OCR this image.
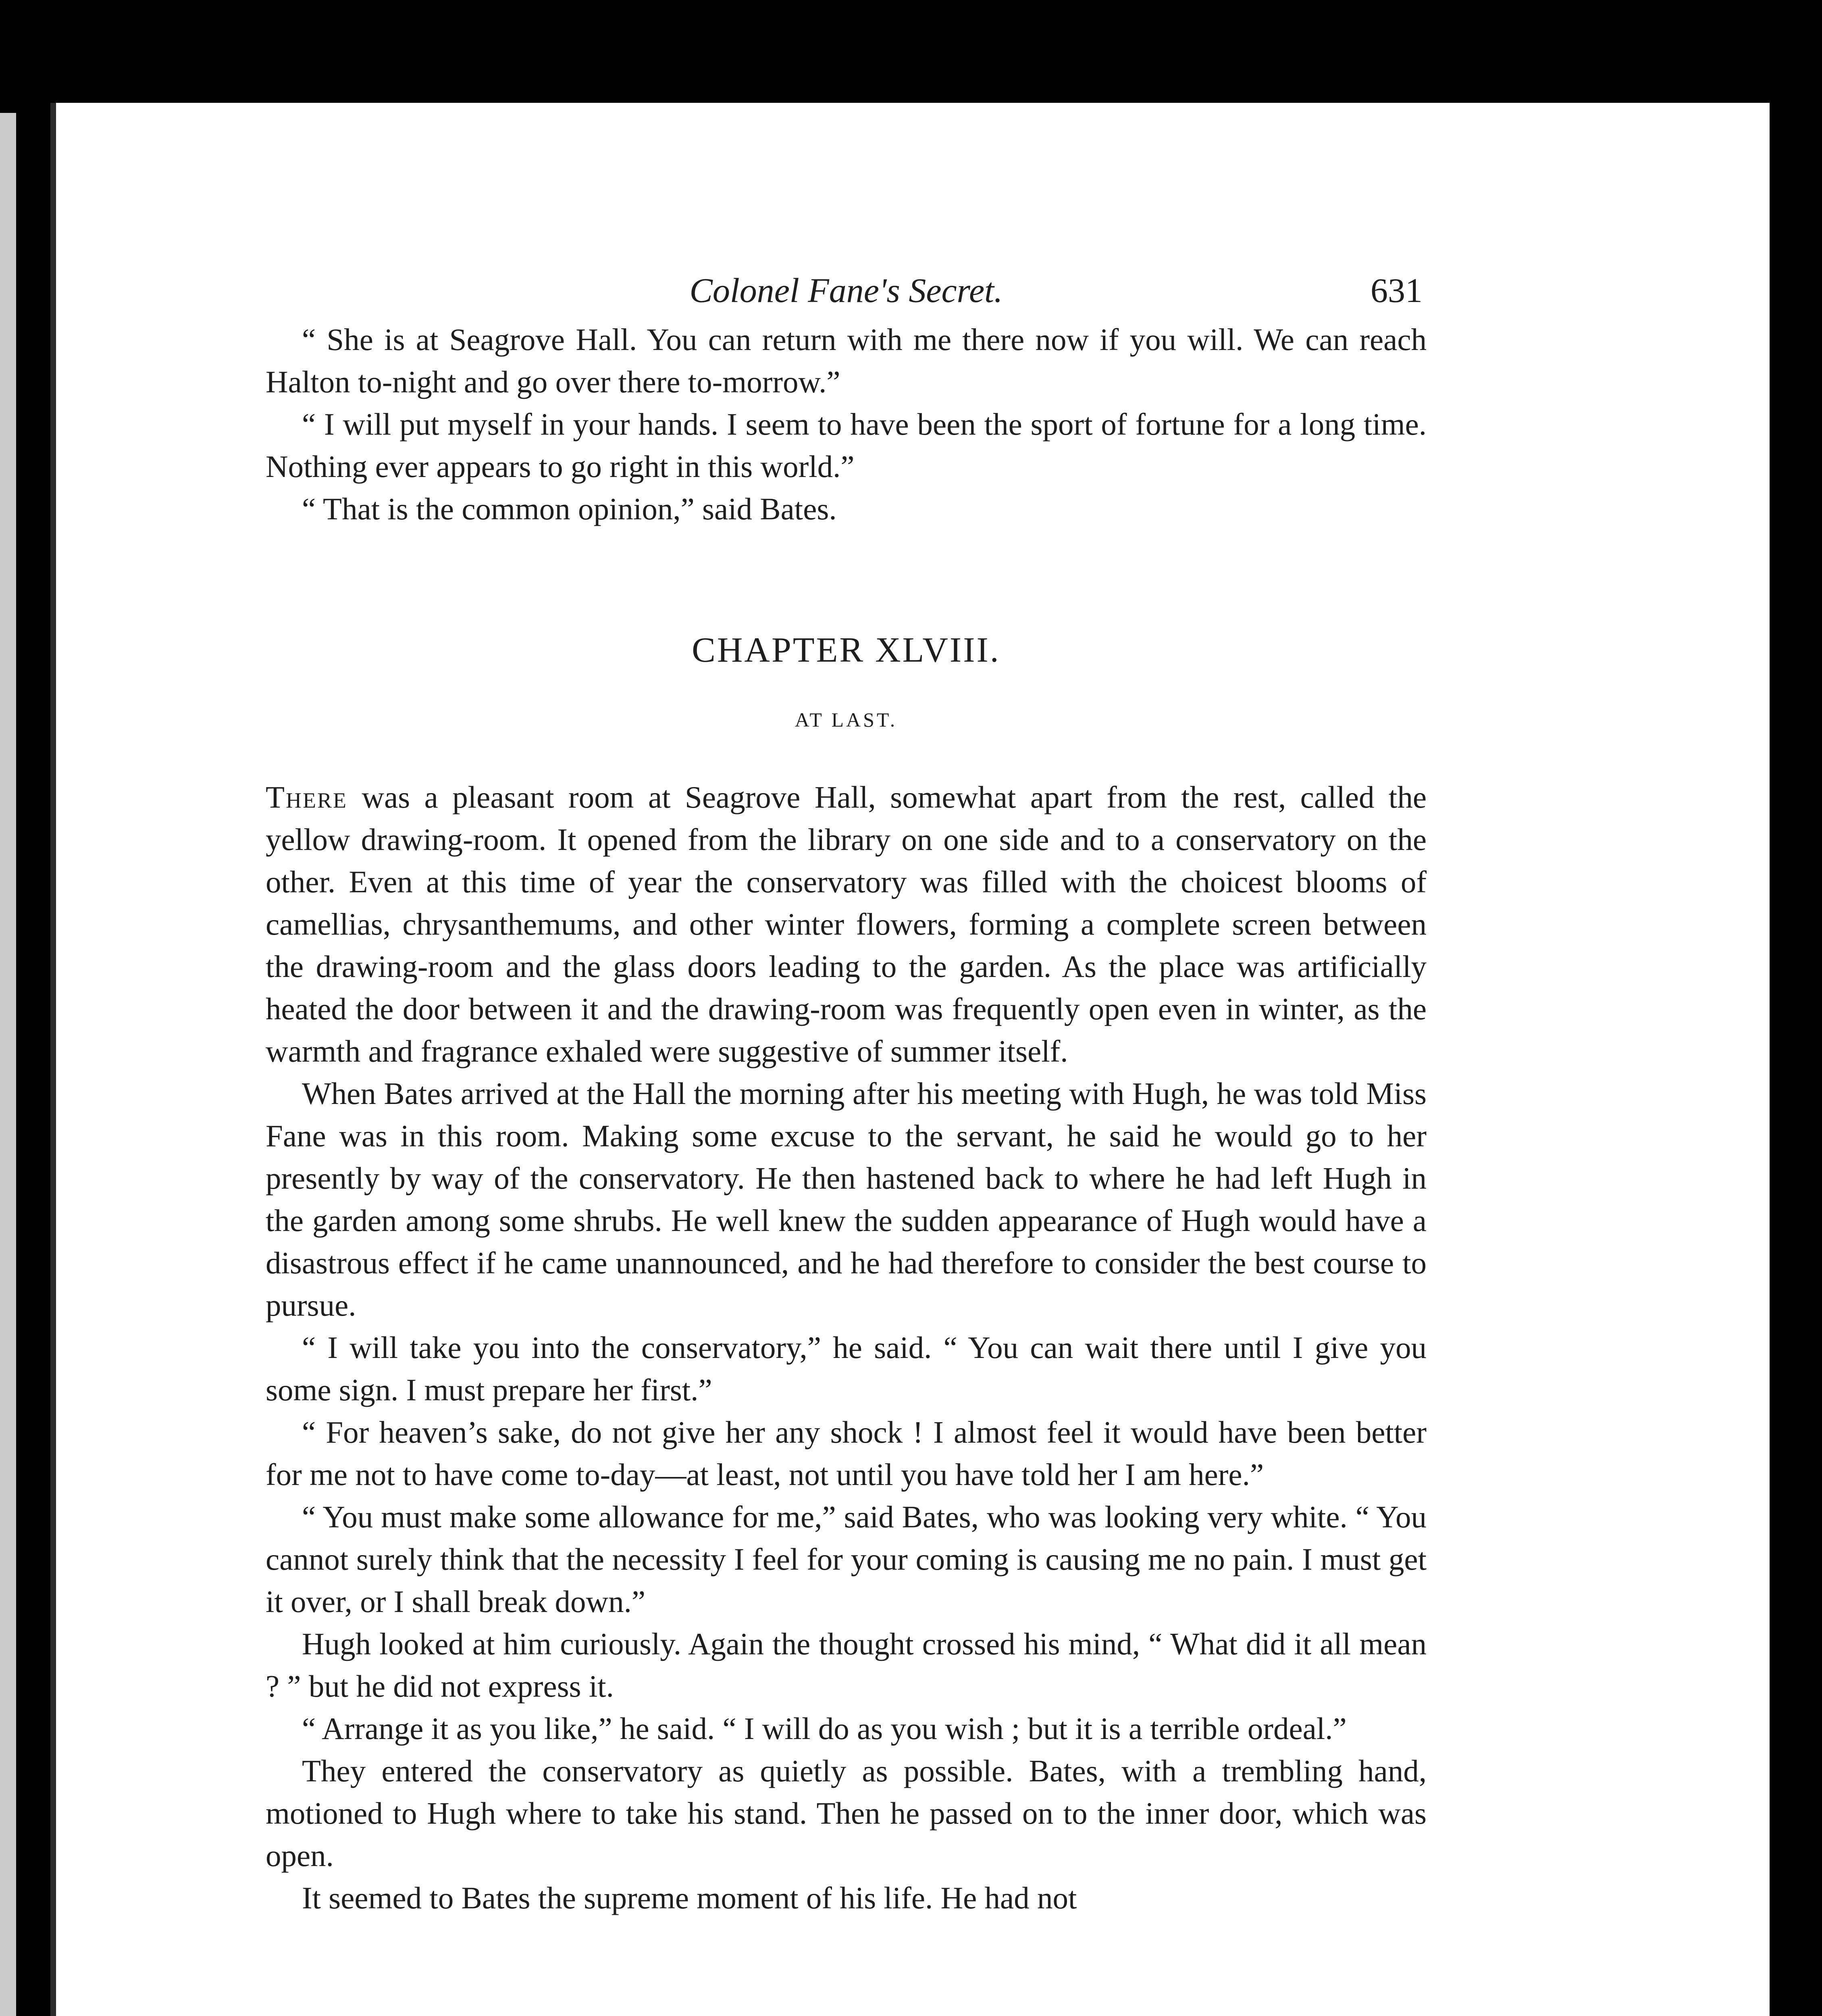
Colonel Fane's Secret.	631

“ She is at Seagrove Hall. You can return with me there now if you will. We can reach Halton to-night and go over there to-morrow.”

“ I will put myself in your hands. I seem to have been the sport of fortune for a long time. Nothing ever appears to go right in this world.”

“ That is the common opinion,” said Bates.

CHAPTER XLVIII.
AT LAST.

There was a pleasant room at Seagrove Hall, somewhat apart from the rest, called the yellow drawing-room. It opened from the library on one side and to a conservatory on the other. Even at this time of year the conservatory was filled with the choicest blooms of camellias, chrysanthemums, and other winter flowers, forming a complete screen between the drawing-room and the glass doors leading to the garden. As the place was artificially heated the door between it and the drawing-room was frequently open even in winter, as the warmth and fragrance exhaled were suggestive of summer itself.

When Bates arrived at the Hall the morning after his meeting with Hugh, he was told Miss Fane was in this room. Making some excuse to the servant, he said he would go to her presently by way of the conservatory. He then hastened back to where he had left Hugh in the garden among some shrubs. He well knew the sudden appearance of Hugh would have a disastrous effect if he came unannounced, and he had therefore to consider the best course to pursue.

“ I will take you into the conservatory,” he said. “ You can wait there until I give you some sign. I must prepare her first.”

“ For heaven’s sake, do not give her any shock ! I almost feel it would have been better for me not to have come to-day—at least, not until you have told her I am here.”

“ You must make some allowance for me,” said Bates, who was looking very white. “ You cannot surely think that the necessity I feel for your coming is causing me no pain. I must get it over, or I shall break down.”

Hugh looked at him curiously. Again the thought crossed his mind, “ What did it all mean ? ” but he did not express it.

“ Arrange it as you like,” he said. “ I will do as you wish ; but it is a terrible ordeal.”

They entered the conservatory as quietly as possible. Bates, with a trembling hand, motioned to Hugh where to take his stand. Then he passed on to the inner door, which was open.

It seemed to Bates the supreme moment of his life. He had not
